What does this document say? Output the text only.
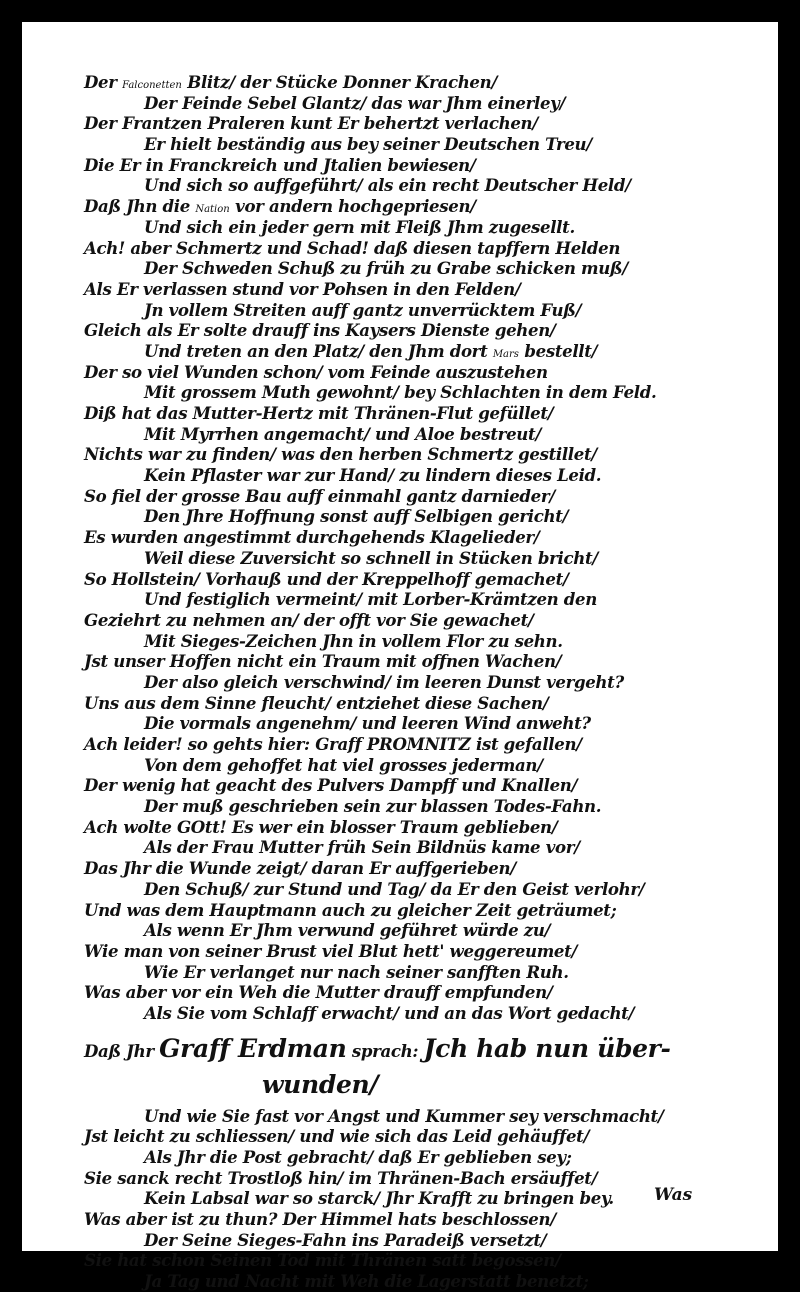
Der Falconetten Blitz/ der Stücke Donner Krachen/
Der Feinde Sebel Glantz/ das war Jhm einerley/
Der Frantzen Praleren kunt Er behertzt verlachen/
Er hielt beständig aus bey seiner Deutschen Treu/
Die Er in Franckreich und Jtalien bewiesen/
Und sich so auffgeführt/ als ein recht Deutscher Held/
Daß Jhn die Nation vor andern hochgepriesen/
Und sich ein jeder gern mit Fleiß Jhm zugesellt.
Ach! aber Schmertz und Schad! daß diesen tapffern Helden
Der Schweden Schuß zu früh zu Grabe schicken muß/
Als Er verlassen stund vor Pohsen in den Felden/
Jn vollem Streiten auff gantz unverrücktem Fuß/
Gleich als Er solte drauff ins Kaysers Dienste gehen/
Und treten an den Platz/ den Jhm dort Mars bestellt/
Der so viel Wunden schon/ vom Feinde auszustehen
Mit grossem Muth gewohnt/ bey Schlachten in dem Feld.
Diß hat das Mutter-Hertz mit Thränen-Flut gefüllet/
Mit Myrrhen angemacht/ und Aloe bestreut/
Nichts war zu finden/ was den herben Schmertz gestillet/
Kein Pflaster war zur Hand/ zu lindern dieses Leid.
So fiel der grosse Bau auff einmahl gantz darnieder/
Den Jhre Hoffnung sonst auff Selbigen gericht/
Es wurden angestimmt durchgehends Klagelieder/
Weil diese Zuversicht so schnell in Stücken bricht/
So Hollstein/ Vorhauß und der Kreppelhoff gemachet/
Und festiglich vermeint/ mit Lorber-Krämtzen den
Geziehrt zu nehmen an/ der offt vor Sie gewachet/
Mit Sieges-Zeichen Jhn in vollem Flor zu sehn.
Jst unser Hoffen nicht ein Traum mit offnen Wachen/
Der also gleich verschwind/ im leeren Dunst vergeht?
Uns aus dem Sinne fleucht/ entziehet diese Sachen/
Die vormals angenehm/ und leeren Wind anweht?
Ach leider! so gehts hier: Graff PROMNITZ ist gefallen/
Von dem gehoffet hat viel grosses jederman/
Der wenig hat geacht des Pulvers Dampff und Knallen/
Der muß geschrieben sein zur blassen Todes-Fahn.
Ach wolte GOtt! Es wer ein blosser Traum geblieben/
Als der Frau Mutter früh Sein Bildnüs kame vor/
Das Jhr die Wunde zeigt/ daran Er auffgerieben/
Den Schuß/ zur Stund und Tag/ da Er den Geist verlohr/
Und was dem Hauptmann auch zu gleicher Zeit geträumet;
Als wenn Er Jhm verwund geführet würde zu/
Wie man von seiner Brust viel Blut hett' weggereumet/
Wie Er verlanget nur nach seiner sanfften Ruh.
Was aber vor ein Weh die Mutter drauff empfunden/
Als Sie vom Schlaff erwacht/ und an das Wort gedacht/
Daß Jhr Graff Erdman sprach: Jch hab nun über-
wunden/
Und wie Sie fast vor Angst und Kummer sey verschmacht/
Jst leicht zu schliessen/ und wie sich das Leid gehäuffet/
Als Jhr die Post gebracht/ daß Er geblieben sey;
Sie sanck recht Trostloß hin/ im Thränen-Bach ersäuffet/
Kein Labsal war so starck/ Jhr Krafft zu bringen bey.
Was aber ist zu thun? Der Himmel hats beschlossen/
Der Seine Sieges-Fahn ins Paradeiß versetzt/
Sie hat schon Seinen Tod mit Thränen satt begossen/
Ja Tag und Nacht mit Weh die Lagerstatt benetzt;
Was
